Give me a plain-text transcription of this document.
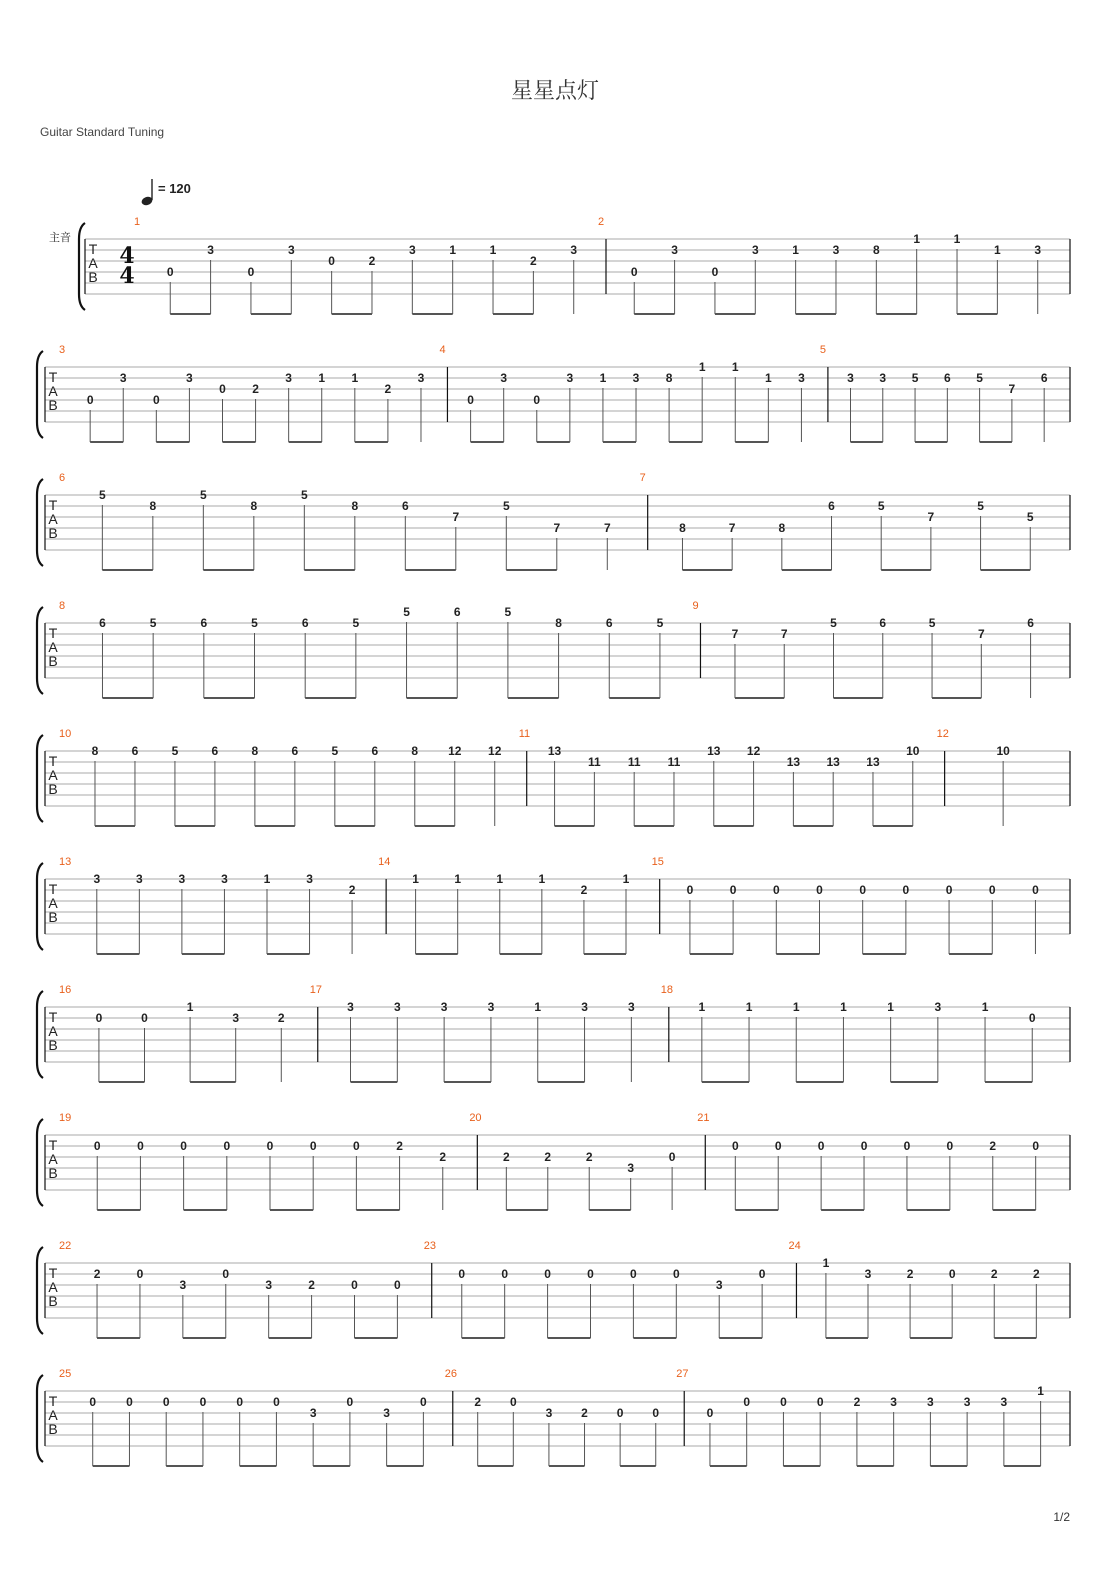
星星点灯
Guitar Standard Tuning
= 120
主音
T
A
B
4
4
1
0
3
0
3
0	2
3	1	1
2
3
2
0
3
0
3	1	3	8
1	1
1	3
T
A
B
3
0
3
0
3
0 2
3 1 1
2
3
4
0
3
0
3 1 3 8
1 1
1 3
5
3 3 5 6 5
7
6
T
A
B
6
5
8
5
8
5
8	6
7
5
7	7
7
8	7	8
6	5
7
5
5
T
A
B
8
6	5	6	5	6	5
5	6	5
8	6	5
9
7	7
5	6	5
7
6
T
A
B
10
8	6	5	6	8	6	5	6	8 12 12
11
13
11 11 11
13 12
13 13 13
10
12
10
T
A
B
13
3	3	3	3	1	3
2
14
1	1	1	1
2
1
15
0	0	0	0	0	0	0	0	0
T
A
B
16
0	0
1
3	2
17
3	3	3	3	1	3	3
18
1	1	1	1	1	3	1
0
T
A
B
19
0	0	0	0	0	0	0	2
2
20
2	2	2
3
0
21
0	0	0	0	0	0	2	0
T
A
B
22
2	0
3
0
3	2	0	0
23
0	0	0	0	0	0
3
0
24
1
3	2	0	2	2
T
A
B
25
0	0	0	0	0	0
3
0
3
0
26
2 0
3 2 0 0
27
0
0	0	0	2	3	3	3	3
1
1/2
